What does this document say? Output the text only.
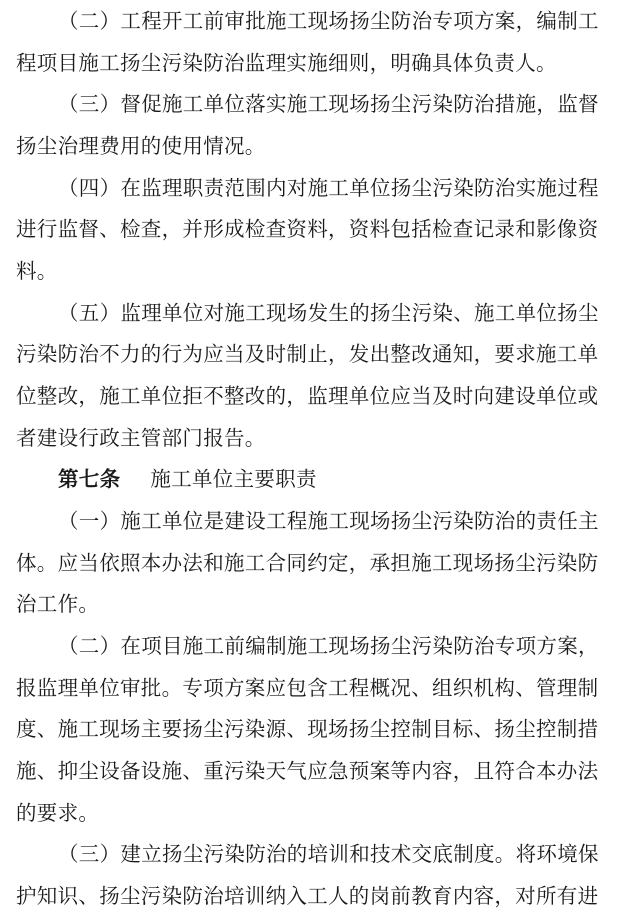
（二）工程开工前审批施工现场扬尘防治专项方案，编制工
程项目施工扬尘污染防治监理实施细则，明确具体负责人。
（三）督促施工单位落实施工现场扬尘污染防治措施，监督
扬尘治理费用的使用情况。
（四）在监理职责范围内对施工单位扬尘污染防治实施过程
进行监督、检查，并形成检查资料，资料包括检查记录和影像资
料。
（五）监理单位对施工现场发生的扬尘污染、施工单位扬尘
污染防治不力的行为应当及时制止，发出整改通知，要求施工单
位整改，施工单位拒不整改的，监理单位应当及时向建设单位或
者建设行政主管部门报告。
第七条 施工单位主要职责
（一）施工单位是建设工程施工现场扬尘污染防治的责任主
体。应当依照本办法和施工合同约定，承担施工现场扬尘污染防
治工作。
（二）在项目施工前编制施工现场扬尘污染防治专项方案，
报监理单位审批。专项方案应包含工程概况、组织机构、管理制
度、施工现场主要扬尘污染源、现场扬尘控制目标、扬尘控制措
施、抑尘设备设施、重污染天气应急预案等内容，且符合本办法
的要求。
（三）建立扬尘污染防治的培训和技术交底制度。将环境保
护知识、扬尘污染防治培训纳入工人的岗前教育内容，对所有进
